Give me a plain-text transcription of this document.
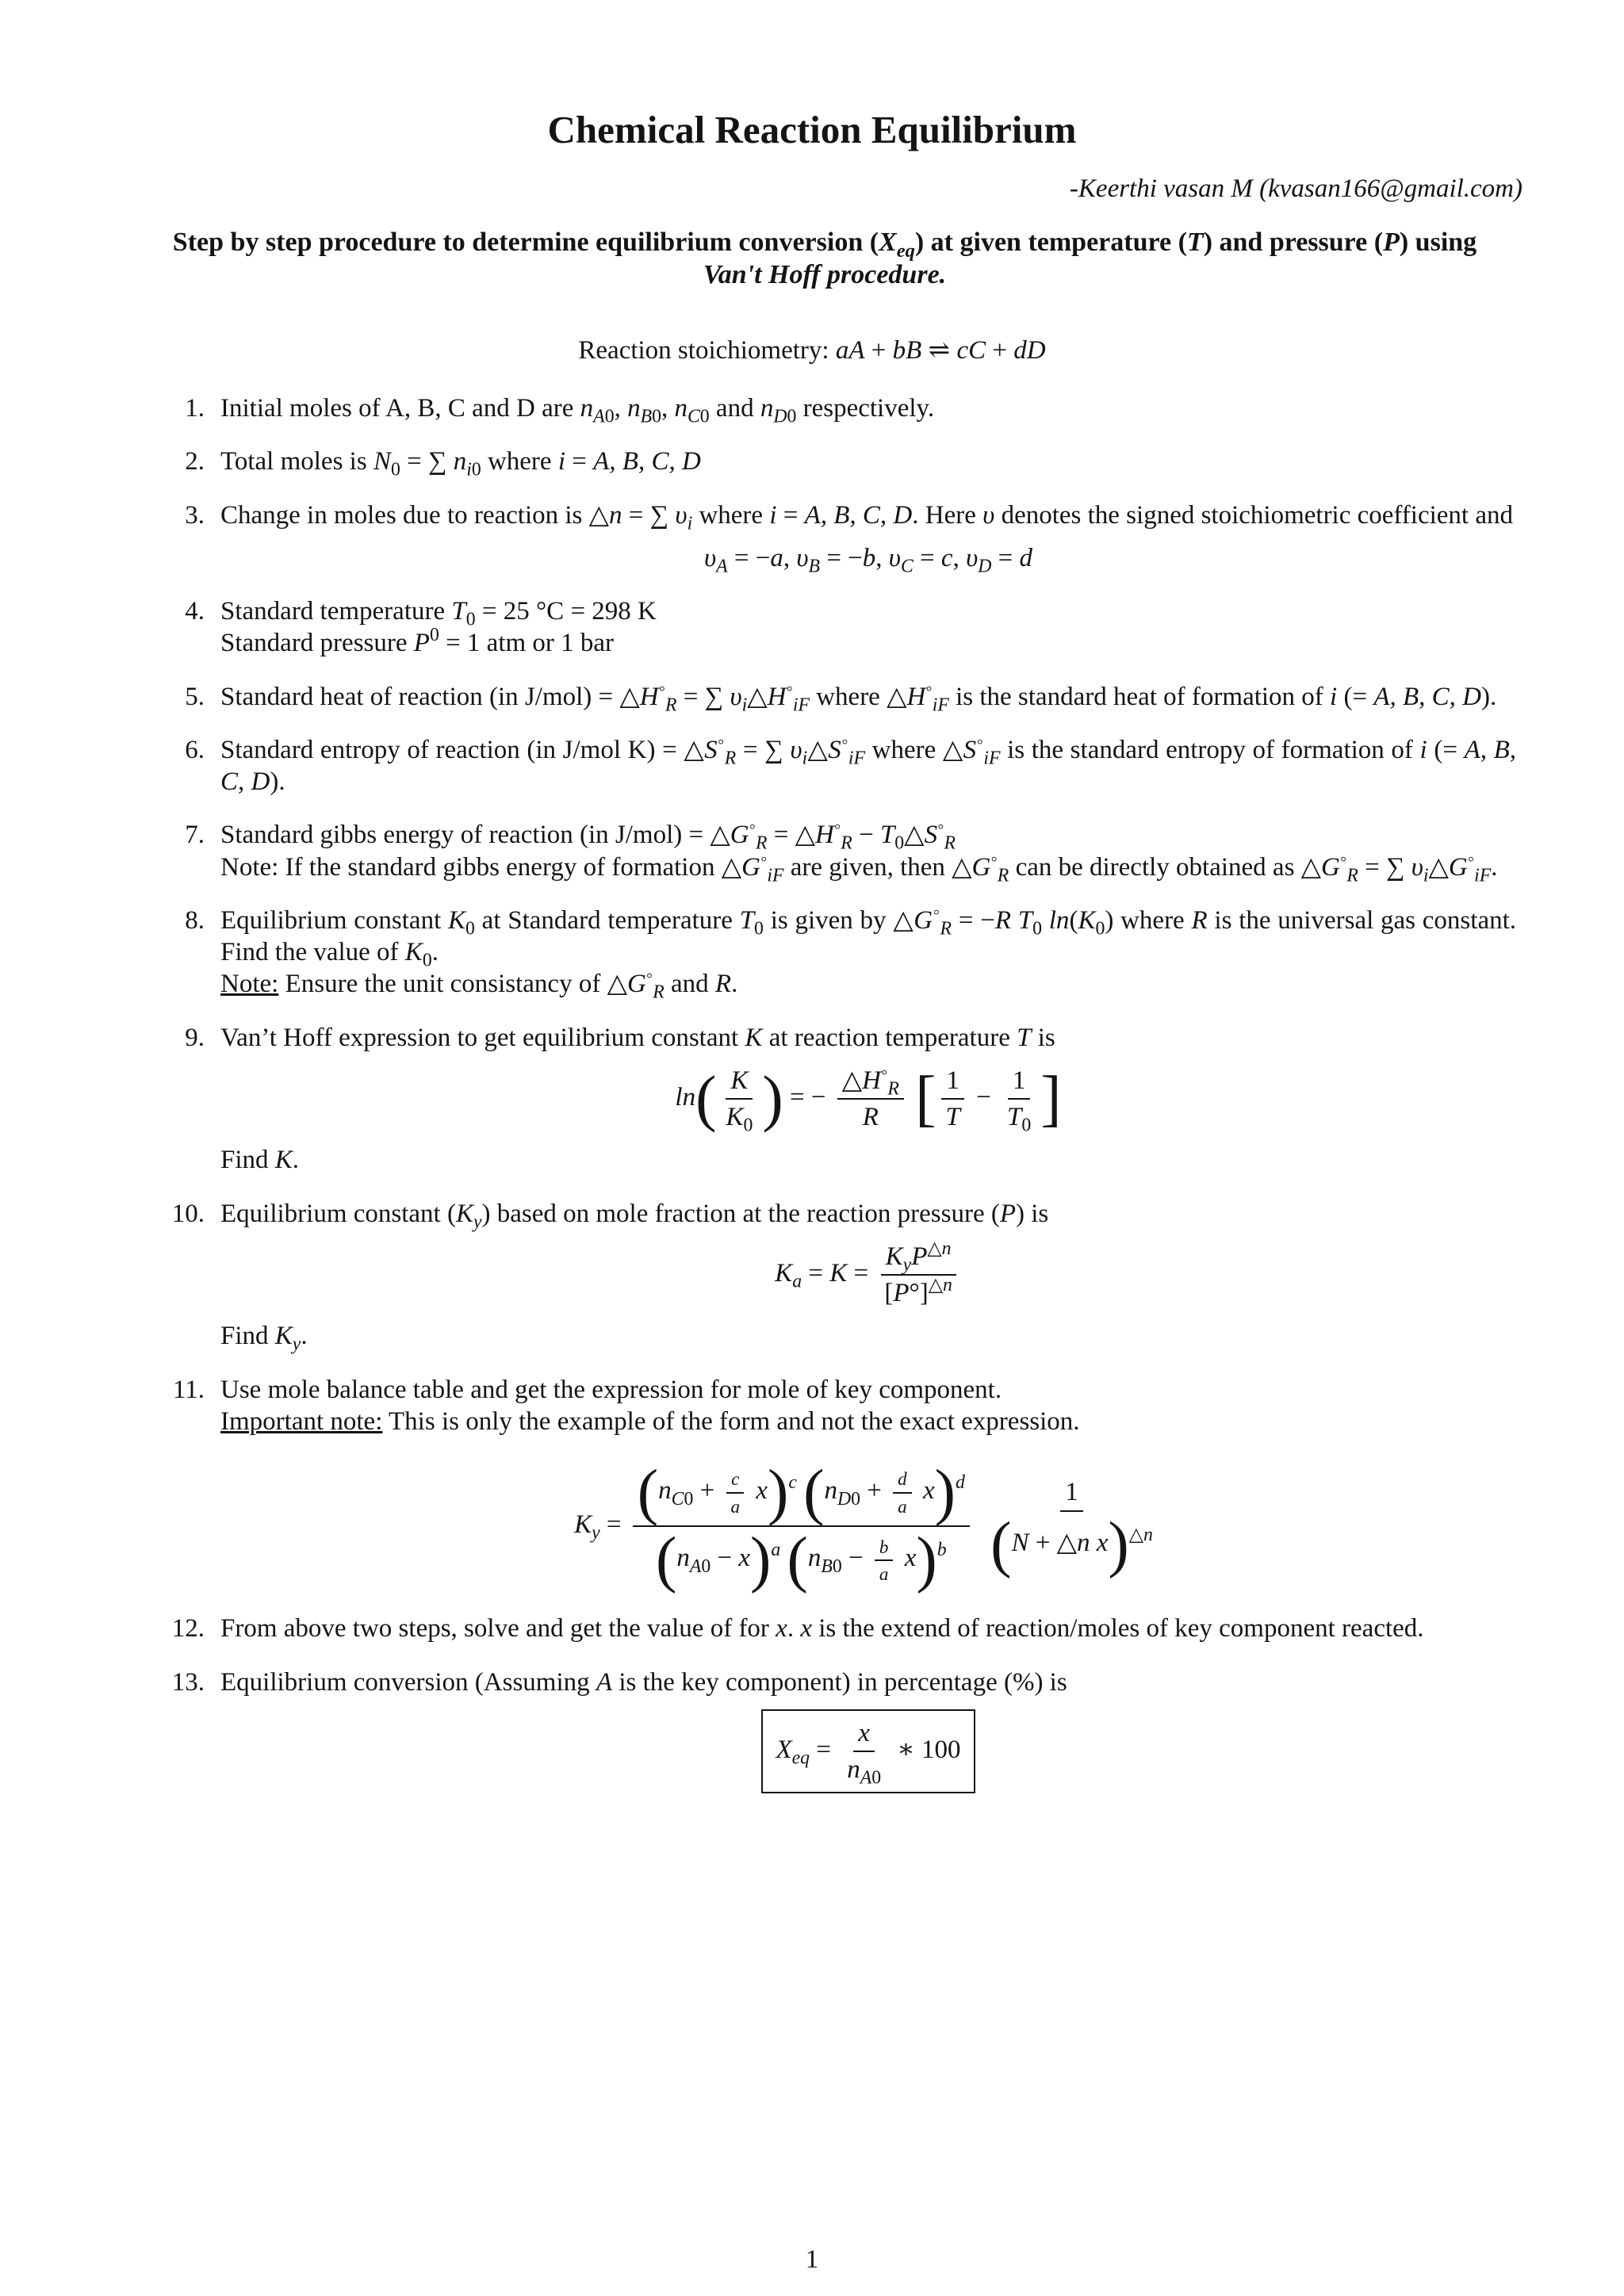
Chemical Reaction Equilibrium
-Keerthi vasan M (kvasan166@gmail.com)
Step by step procedure to determine equilibrium conversion $(X_{eq})$ at given temperature (T) and pressure (P) using Van't Hoff procedure.
Reaction stoichiometry: aA + bB ⇌ cC + dD
1. Initial moles of A, B, C and D are $n_{A0}$, $n_{B0}$, $n_{C0}$ and $n_{D0}$ respectively.
2. Total moles is $N_0$ = ∑ $n_{i0}$ where i = A, B, C, D
3. Change in moles due to reaction is △n = ∑ $\upsilon_i$ where i = A, B, C, D. Here υ denotes the signed stoichiometric coefficient and
$\upsilon_A = -a$, $\upsilon_B = -b$, $\upsilon_C = c$, $\upsilon_D = d$
4. Standard temperature $T_0 = 25$ °C = 298 K
Standard pressure $P^0 = 1$ atm or 1 bar
5. Standard heat of reaction (in $J/mol) = \triangle H^◦_R$ = ∑ $\upsilon_i\triangle H^◦_{iF}$ where $\triangle H^◦_{iF}$ is the standard heat of formation of i (= A, B, C, D).
6. Standard entropy of reaction (in J/mol $K) = \triangle S^◦_R$ = ∑ $\upsilon_i\triangle S^◦_{iF}$ where $\triangle S^◦_{iF}$ is the standard entropy of formation of i (= A, B, C, D).
7. Standard gibbs energy of reaction (in $J/mol) = \triangle G^◦_R$ = $\triangle H^◦_R$ − $T_0\triangle S^◦_R$
Note: If the standard gibbs energy of formation $\triangle G^◦_{iF}$ are given, then $\triangle G^◦_R$ can be directly obtained as $\triangle G^◦_R$ = ∑ $\upsilon_i\triangle G^◦_{iF}$.
8. Equilibrium constant $K_0$ at Standard temperature $T_0$ is given by $\triangle G^◦_R = -R$ $T_0$ $\ln(K_0)$ where R is the universal gas constant. Find the value of $K_0$.
Note: Ensure the unit consistancy of $\triangle G^◦_R$ and R.
9. Van’t Hoff expression to get equilibrium constant K at reaction temperature T is
$\ln( \frac{K}{K_0}$ ) = − $\frac{\triangle H^◦_R}{R}$ [ $\frac{1}{T} - \frac{1}{T_0}$ ]
Find K.
10. Equilibrium constant $(K_y)$ based on mole fraction at the reaction pressure (P) is
$K_a = K = \frac{K_yP^{\triangle n}}{[P^\circ]^{\triangle n}}$
Find $K_y$.
11. Use mole balance table and get the expression for mole of key component.
Important note: This is only the example of the form and not the exact expression.
$K_y = \frac{(n_{C0} + \frac{c}{a} x)^c (n_{D0} + \frac{d}{a} x)^d}{(n_{A0} - x)^a (n_{B0} - \frac{b}{a} x)^b}$
$\frac{1}{(N + \triangle n x)^{\triangle n}}$
12. From above two steps, solve and get the value of for x. x is the extend of reaction/moles of key component reacted.
13. Equilibrium conversion (Assuming A is the key component) in percentage (%) is
$X_{eq} = \frac{x}{n_{A0}}$ ∗ 100
1
